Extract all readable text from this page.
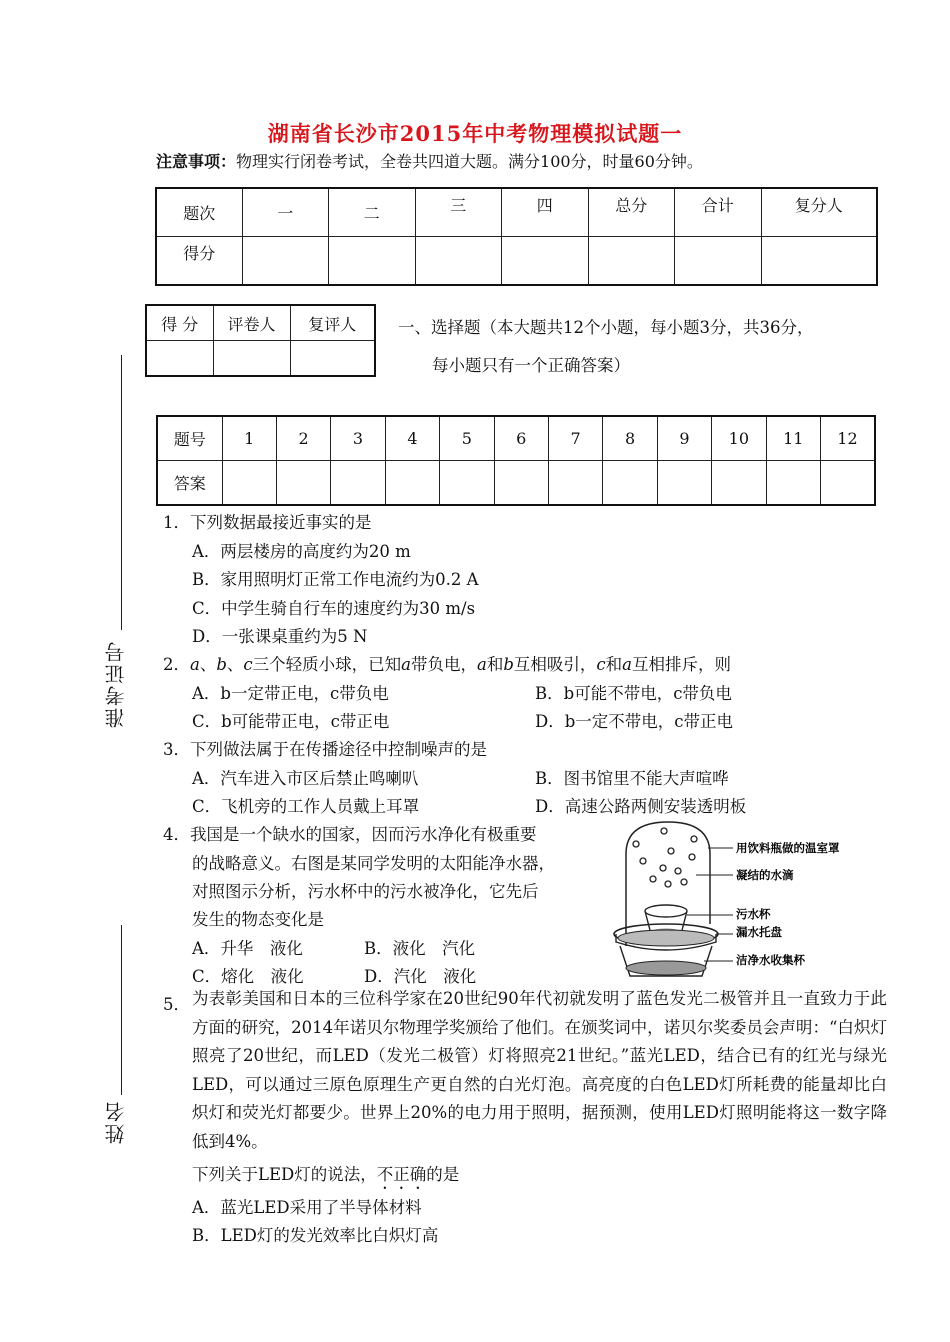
湖南省长沙市2015年中考物理模拟试题一
注意事项：物理实行闭卷考试，全卷共四道大题。满分100分，时量60分钟。
题次	一	二	三	四	总分	合计	复分人
得分							
得 分	评卷人	复评人
			一、选择题（本大题共12个小题，每小题3分，共36分，
每小题只有一个正确答案）
准考证号
姓名
题号	1	2	3	4	5	6	7	8	9	10	11	12
答案												
1．下列数据最接近事实的是
A．两层楼房的高度约为20 m
B．家用照明灯正常工作电流约为0.2 A
C．中学生骑自行车的速度约为30 m/s
D．一张课桌重约为5 N
2．a、b、c三个轻质小球，已知a带负电，a和b互相吸引，c和a互相排斥，则
A．b一定带正电，c带负电	B．b可能不带电，c带负电
C．b可能带正电，c带正电	D．b一定不带电，c带正电
3．下列做法属于在传播途径中控制噪声的是
A．汽车进入市区后禁止鸣喇叭	B．图书馆里不能大声喧哗
C．飞机旁的工作人员戴上耳罩	D．高速公路两侧安装透明板
4．我国是一个缺水的国家，因而污水净化有极重要
的战略意义。右图是某同学发明的太阳能净水器，
对照图示分析，污水杯中的污水被净化，它先后
发生的物态变化是
A．升华　液化	B．液化　汽化
C．熔化　液化	D．汽化　液化
用饮料瓶做的温室罩
凝结的水滴
污水杯
漏水托盘
洁净水收集杯
5． 为表彰美国和日本的三位科学家在20世纪90年代初就发明了蓝色发光二极管并且一直致力于此方面的研究，2014年诺贝尔物理学奖颁给了他们。在颁奖词中，诺贝尔奖委员会声明：“白炽灯照亮了20世纪，而LED（发光二极管）灯将照亮21世纪。”蓝光LED，结合已有的红光与绿光LED，可以通过三原色原理生产更自然的白光灯泡。高亮度的白色LED灯所耗费的能量却比白炽灯和荧光灯都要少。世界上20%的电力用于照明，据预测，使用LED灯照明能将这一数字降低到4%。
下列关于LED灯的说法，不正确的是
A．蓝光LED采用了半导体材料
B．LED灯的发光效率比白炽灯高
